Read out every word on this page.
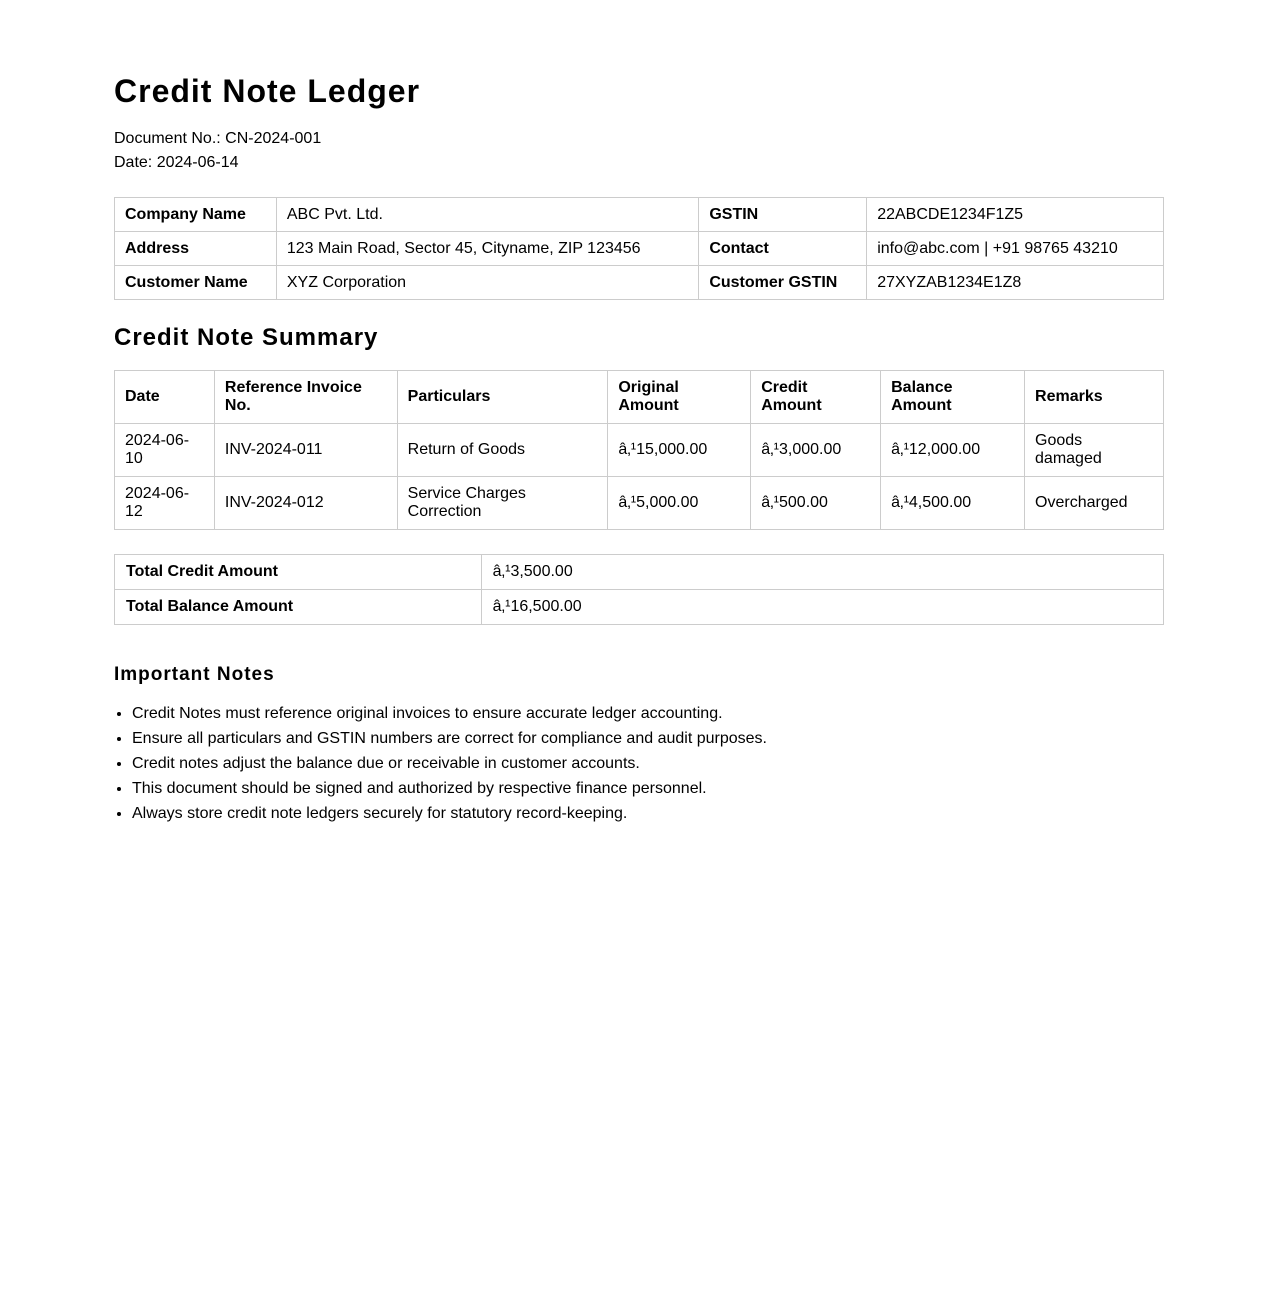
Credit Note Ledger
Document No.: CN-2024-001
Date: 2024-06-14
Company Name	ABC Pvt. Ltd.	GSTIN	22ABCDE1234F1Z5
Address	123 Main Road, Sector 45, Cityname, ZIP 123456	Contact	info@abc.com | +91 98765 43210
Customer Name	XYZ Corporation	Customer GSTIN	27XYZAB1234E1Z8
Credit Note Summary
Date	Reference Invoice No.	Particulars	Original Amount	Credit Amount	Balance Amount	Remarks
2024-06-10	INV-2024-011	Return of Goods	â‚¹15,000.00	â‚¹3,000.00	â‚¹12,000.00	Goods damaged
2024-06-12	INV-2024-012	Service Charges Correction	â‚¹5,000.00	â‚¹500.00	â‚¹4,500.00	Overcharged
Total Credit Amount	â‚¹3,500.00
Total Balance Amount	â‚¹16,500.00
Important Notes
• Credit Notes must reference original invoices to ensure accurate ledger accounting.
• Ensure all particulars and GSTIN numbers are correct for compliance and audit purposes.
• Credit notes adjust the balance due or receivable in customer accounts.
• This document should be signed and authorized by respective finance personnel.
• Always store credit note ledgers securely for statutory record-keeping.
